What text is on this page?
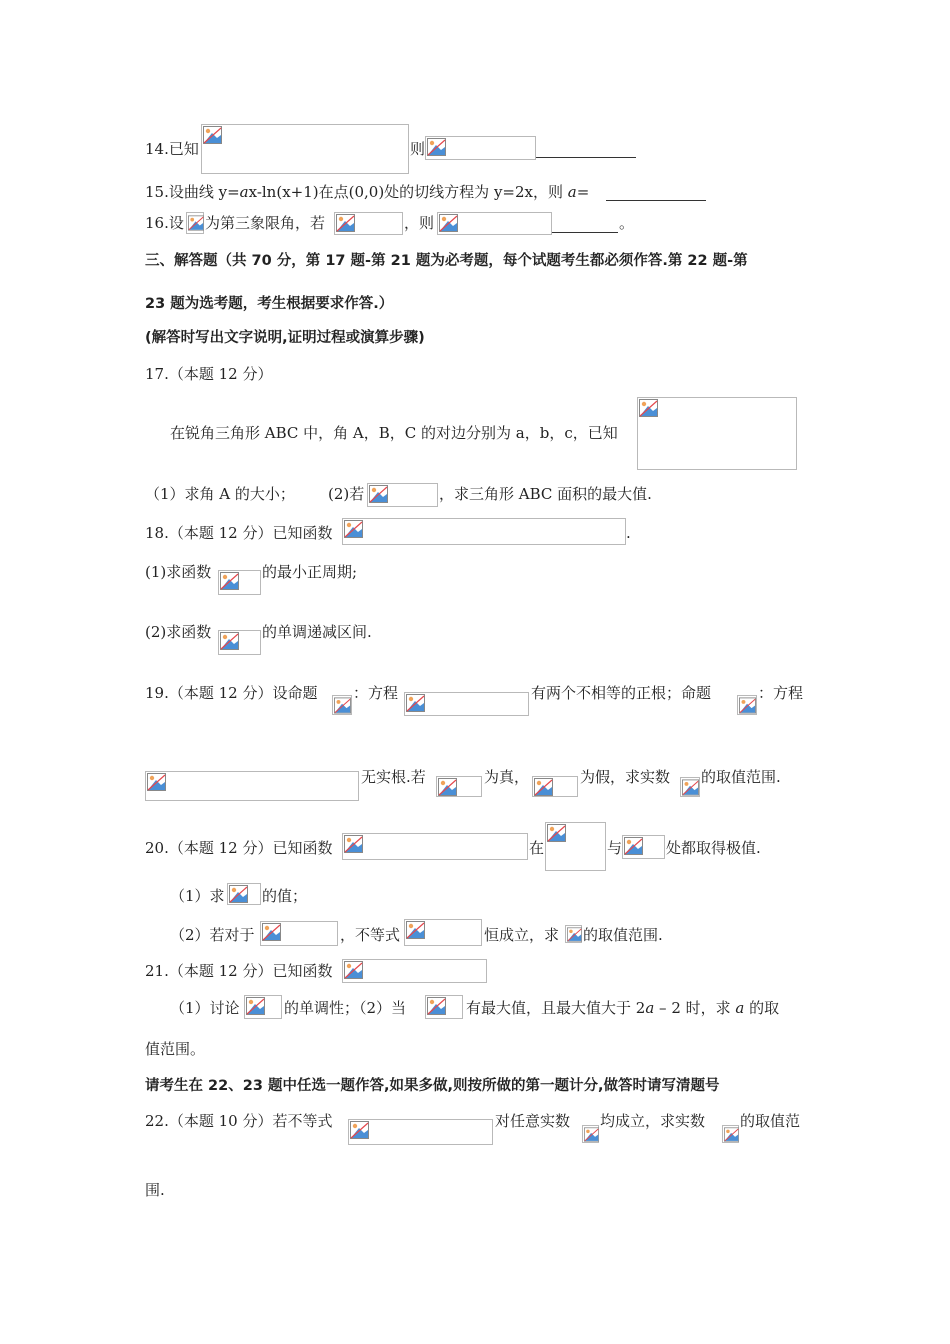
14.已知	则
15.设曲线 y=ax-ln(x+1)在点(0,0)处的切线方程为 y=2x，则 a=
16.设 为第三象限角，若	，则	。
三、解答题（共 70 分，第 17 题-第 21 题为必考题，每个试题考生都必须作答.第 22 题-第
23 题为选考题，考生根据要求作答.）
(解答时写出文字说明,证明过程或演算步骤)
17.（本题 12 分）
在锐角三角形 ABC 中，角 A，B，C 的对边分别为 a，b，c，已知
（1）求角 A 的大小； (2)若	，求三角形 ABC 面积的最大值.
18.（本题 12 分）已知函数	.
(1)求函数	的最小正周期;
(2)求函数	的单调递减区间.
19.（本题 12 分）设命题 ：方程	有两个不相等的正根；命题	：方程
无实根.若	为真，	为假，求实数 的取值范围.
20.（本题 12 分）已知函数	在	与	处都取得极值.
（1）求 的值；
（2）若对于	，不等式	恒成立，求 的取值范围.
21.（本题 12 分）已知函数
（1）讨论	的单调性；（2）当	有最大值，且最大值大于 2a – 2 时，求 a 的取
值范围。
请考生在 22、23 题中任选一题作答,如果多做,则按所做的第一题计分,做答时请写清题号
22.（本题 10 分）若不等式	对任意实数 均成立，求实数 的取值范
围.
